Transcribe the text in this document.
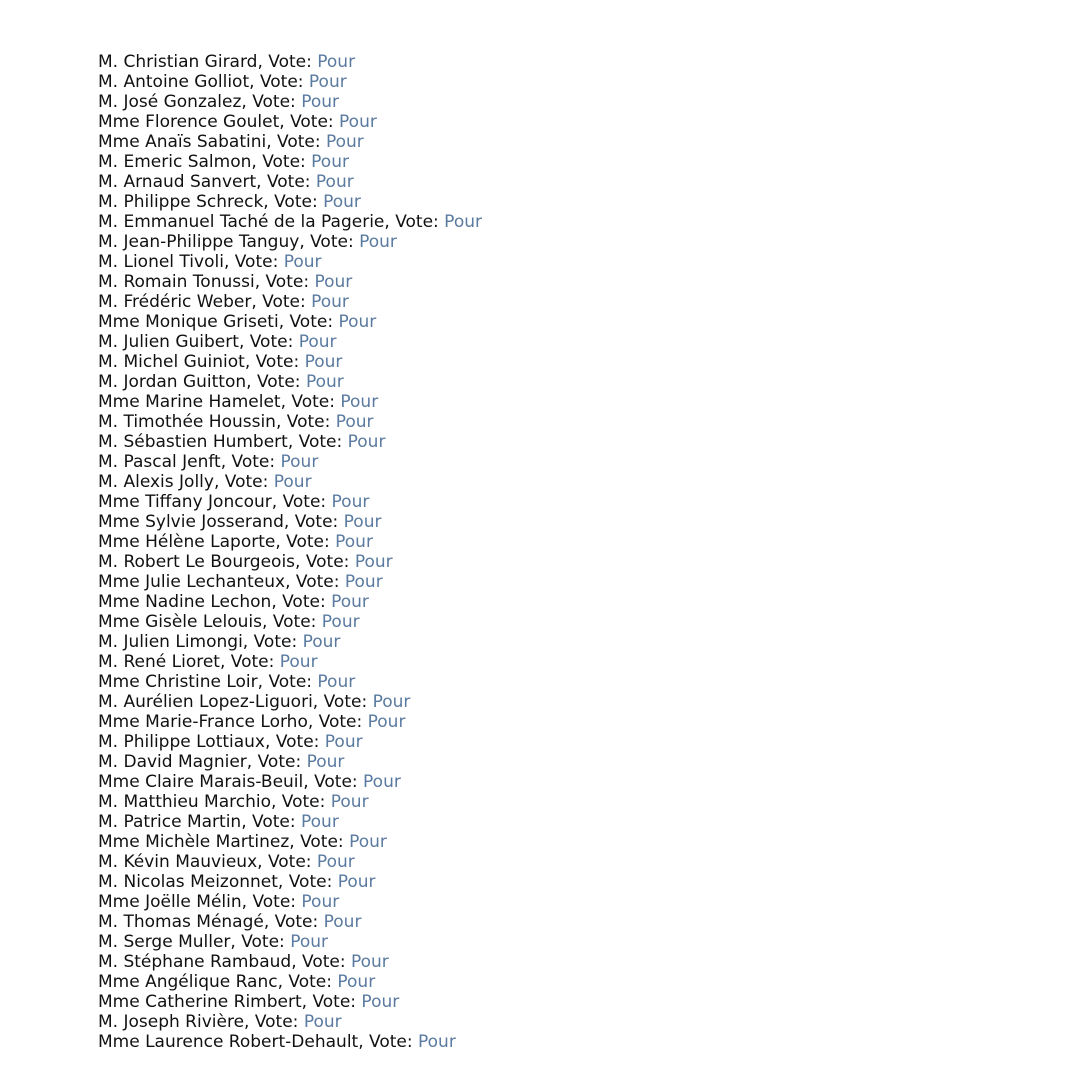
M. Christian Girard, Vote: Pour
M. Antoine Golliot, Vote: Pour
M. José Gonzalez, Vote: Pour
Mme Florence Goulet, Vote: Pour
Mme Anaïs Sabatini, Vote: Pour
M. Emeric Salmon, Vote: Pour
M. Arnaud Sanvert, Vote: Pour
M. Philippe Schreck, Vote: Pour
M. Emmanuel Taché de la Pagerie, Vote: Pour
M. Jean-Philippe Tanguy, Vote: Pour
M. Lionel Tivoli, Vote: Pour
M. Romain Tonussi, Vote: Pour
M. Frédéric Weber, Vote: Pour
Mme Monique Griseti, Vote: Pour
M. Julien Guibert, Vote: Pour
M. Michel Guiniot, Vote: Pour
M. Jordan Guitton, Vote: Pour
Mme Marine Hamelet, Vote: Pour
M. Timothée Houssin, Vote: Pour
M. Sébastien Humbert, Vote: Pour
M. Pascal Jenft, Vote: Pour
M. Alexis Jolly, Vote: Pour
Mme Tiffany Joncour, Vote: Pour
Mme Sylvie Josserand, Vote: Pour
Mme Hélène Laporte, Vote: Pour
M. Robert Le Bourgeois, Vote: Pour
Mme Julie Lechanteux, Vote: Pour
Mme Nadine Lechon, Vote: Pour
Mme Gisèle Lelouis, Vote: Pour
M. Julien Limongi, Vote: Pour
M. René Lioret, Vote: Pour
Mme Christine Loir, Vote: Pour
M. Aurélien Lopez-Liguori, Vote: Pour
Mme Marie-France Lorho, Vote: Pour
M. Philippe Lottiaux, Vote: Pour
M. David Magnier, Vote: Pour
Mme Claire Marais-Beuil, Vote: Pour
M. Matthieu Marchio, Vote: Pour
M. Patrice Martin, Vote: Pour
Mme Michèle Martinez, Vote: Pour
M. Kévin Mauvieux, Vote: Pour
M. Nicolas Meizonnet, Vote: Pour
Mme Joëlle Mélin, Vote: Pour
M. Thomas Ménagé, Vote: Pour
M. Serge Muller, Vote: Pour
M. Stéphane Rambaud, Vote: Pour
Mme Angélique Ranc, Vote: Pour
Mme Catherine Rimbert, Vote: Pour
M. Joseph Rivière, Vote: Pour
Mme Laurence Robert-Dehault, Vote: Pour
